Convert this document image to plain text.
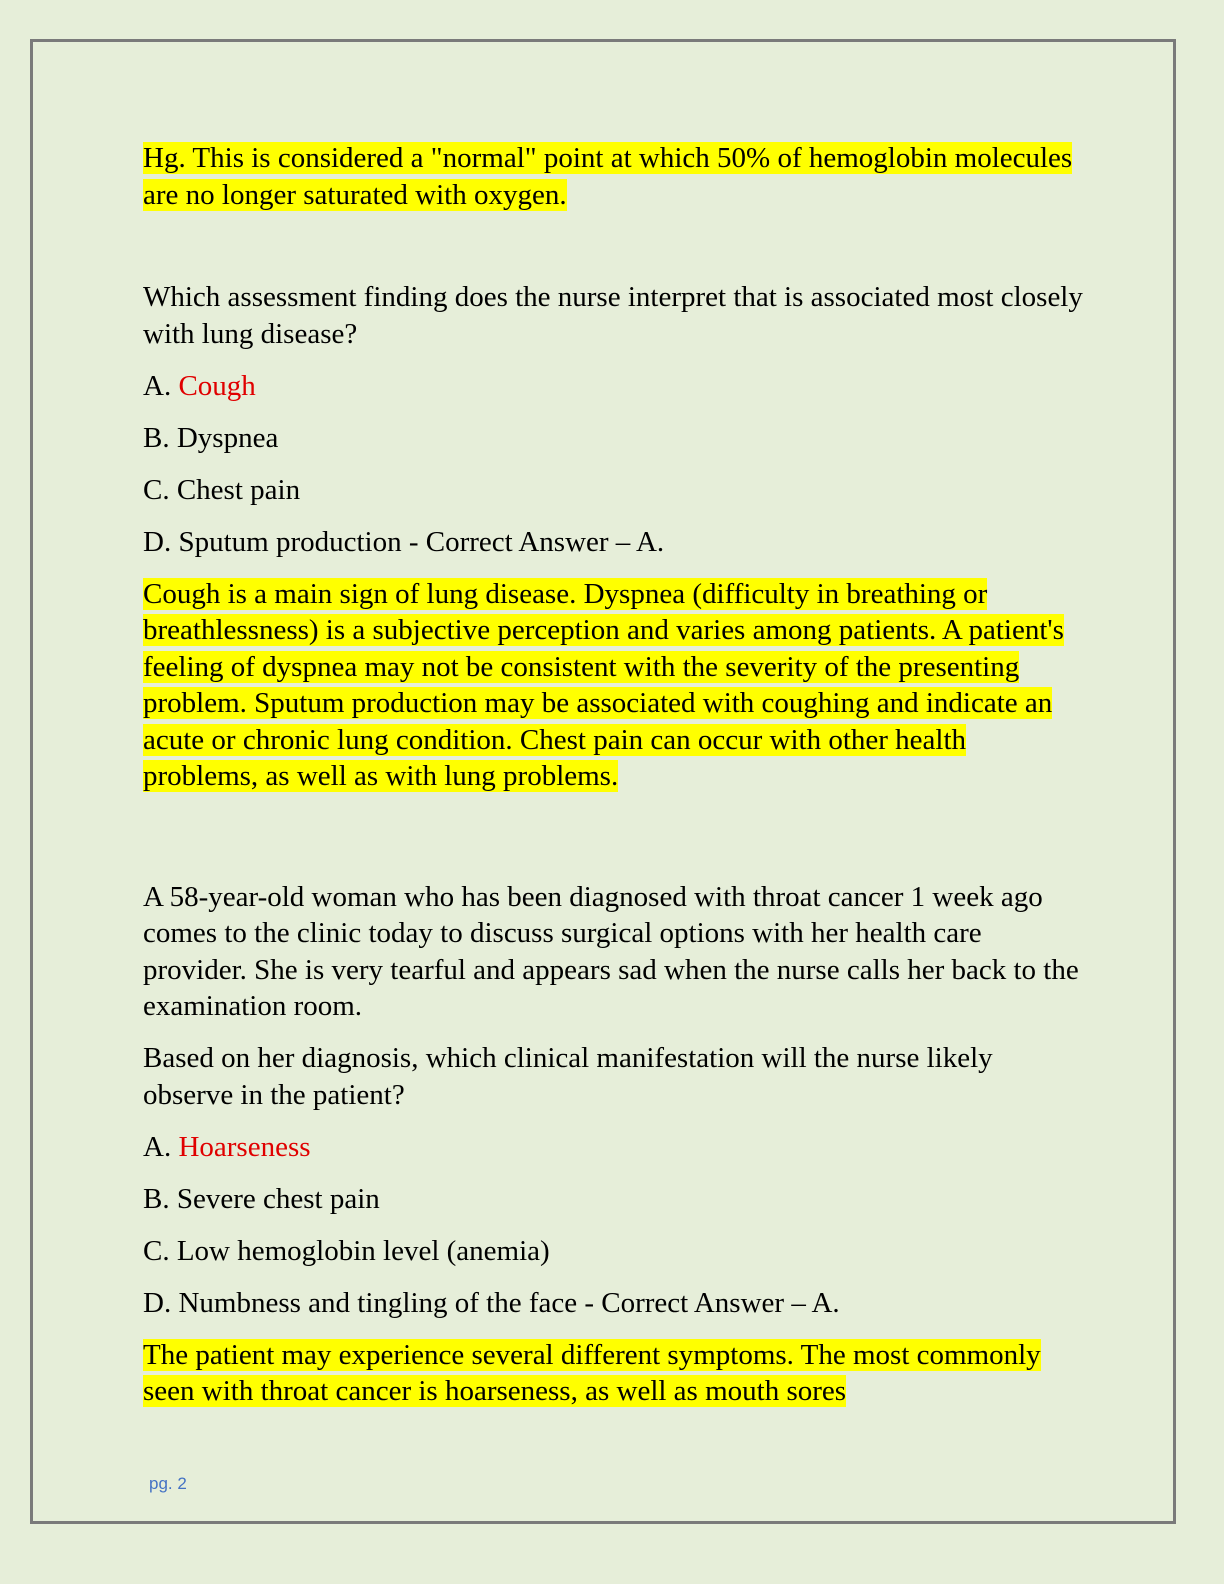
Hg. This is considered a "normal" point at which 50% of hemoglobin molecules are no longer saturated with oxygen.

Which assessment finding does the nurse interpret that is associated most closely with lung disease?

A. Cough

B. Dyspnea

C. Chest pain

D. Sputum production - Correct Answer – A.

Cough is a main sign of lung disease. Dyspnea (difficulty in breathing or breathlessness) is a subjective perception and varies among patients. A patient's feeling of dyspnea may not be consistent with the severity of the presenting problem. Sputum production may be associated with coughing and indicate an acute or chronic lung condition. Chest pain can occur with other health problems, as well as with lung problems.

A 58-year-old woman who has been diagnosed with throat cancer 1 week ago comes to the clinic today to discuss surgical options with her health care provider. She is very tearful and appears sad when the nurse calls her back to the examination room.

Based on her diagnosis, which clinical manifestation will the nurse likely observe in the patient?

A. Hoarseness

B. Severe chest pain

C. Low hemoglobin level (anemia)

D. Numbness and tingling of the face - Correct Answer – A.

The patient may experience several different symptoms. The most commonly seen with throat cancer is hoarseness, as well as mouth sores

pg. 2
